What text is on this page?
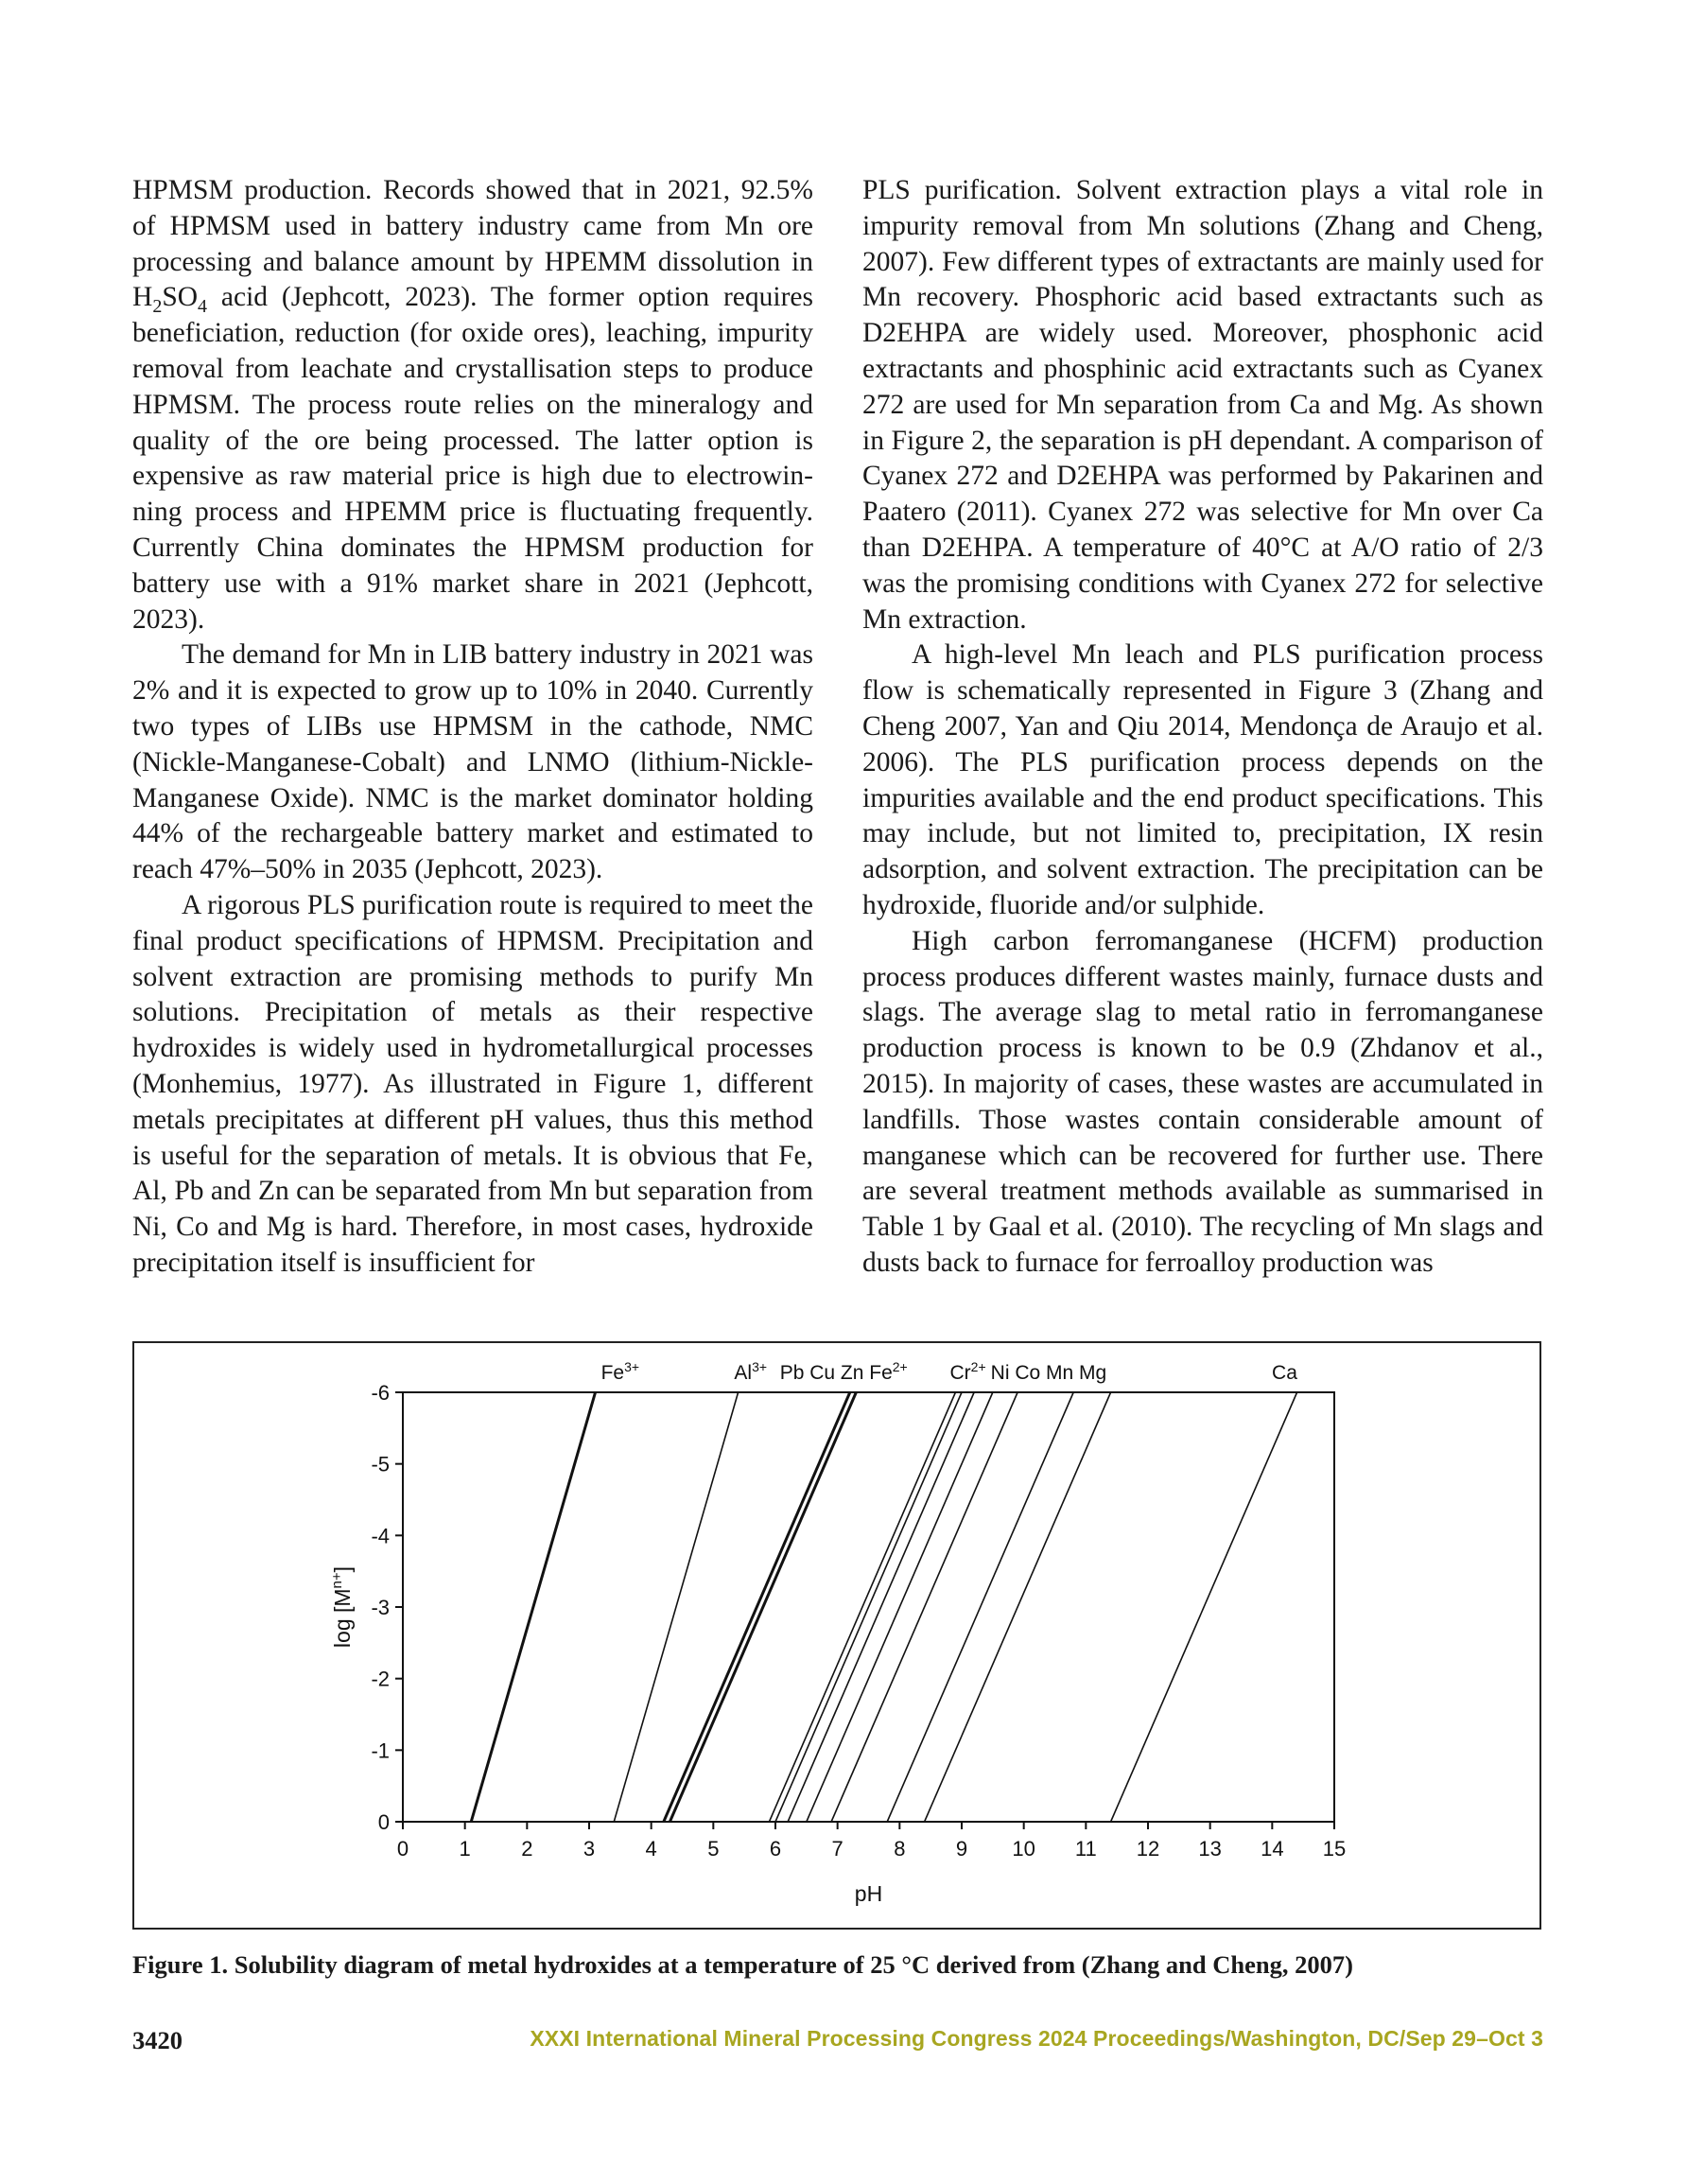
HPMSM production. Records showed that in 2021, 92.5% of HPMSM used in battery industry came from Mn ore processing and balance amount by HPEMM dissolution in $H_2SO_4$ acid (Jephcott, 2023). The former option requires beneficiation, reduction (for oxide ores), leaching, impurity removal from leachate and crystallisation steps to produce HPMSM. The process route relies on the mineralogy and quality of the ore being processed. The latter option is expensive as raw material price is high due to electrowinning process and HPEMM price is fluctuating frequently. Currently China dominates the HPMSM production for battery use with a 91% market share in 2021 (Jephcott, 2023).

The demand for Mn in LIB battery industry in 2021 was 2% and it is expected to grow up to 10% in 2040. Currently two types of LIBs use HPMSM in the cathode, NMC (Nickle-Manganese-Cobalt) and LNMO (lithium-Nickle-Manganese Oxide). NMC is the market dominator holding 44% of the rechargeable battery market and estimated to reach 47%–50% in 2035 (Jephcott, 2023).

A rigorous PLS purification route is required to meet the final product specifications of HPMSM. Precipitation and solvent extraction are promising methods to purify Mn solutions. Precipitation of metals as their respective hydroxides is widely used in hydrometallurgical processes (Monhemius, 1977). As illustrated in Figure 1, different metals precipitates at different pH values, thus this method is useful for the separation of metals. It is obvious that Fe, Al, Pb and Zn can be separated from Mn but separation from Ni, Co and Mg is hard. Therefore, in most cases, hydroxide precipitation itself is insufficient for

PLS purification. Solvent extraction plays a vital role in impurity removal from Mn solutions (Zhang and Cheng, 2007). Few different types of extractants are mainly used for Mn recovery. Phosphoric acid based extractants such as D2EHPA are widely used. Moreover, phosphonic acid extractants and phosphinic acid extractants such as Cyanex 272 are used for Mn separation from Ca and Mg. As shown in Figure 2, the separation is pH dependant. A comparison of Cyanex 272 and D2EHPA was performed by Pakarinen and Paatero (2011). Cyanex 272 was selective for Mn over Ca than D2EHPA. A temperature of 40°C at A/O ratio of 2/3 was the promising conditions with Cyanex 272 for selective Mn extraction.

A high-level Mn leach and PLS purification process flow is schematically represented in Figure 3 (Zhang and Cheng 2007, Yan and Qiu 2014, Mendonça de Araujo et al. 2006). The PLS purification process depends on the impurities available and the end product specifications. This may include, but not limited to, precipitation, IX resin adsorption, and solvent extraction. The precipitation can be hydroxide, fluoride and/or sulphide.

High carbon ferromanganese (HCFM) production process produces different wastes mainly, furnace dusts and slags. The average slag to metal ratio in ferromanganese production process is known to be 0.9 (Zhdanov et al., 2015). In majority of cases, these wastes are accumulated in landfills. Those wastes contain considerable amount of manganese which can be recovered for further use. There are several treatment methods available as summarised in Table 1 by Gaal et al. (2010). The recycling of Mn slags and dusts back to furnace for ferroalloy production was

0 1 2 3 4 5 6 7 8 9 10 11 12 13 14 15
0
-1
-2
-3
-4
-5
-6
pH
$\log [M^{n+}]$
$Fe^{3+}$	$Al^{3+}$ Pb Cu Zn $Fe^{2+}$ $Cr^{2+}$ Ni Co Mn Mg	Ca
Figure 1. Solubility diagram of metal hydroxides at a temperature of 25 °C derived from (Zhang and Cheng, 2007)
3420	XXXI International Mineral Processing Congress 2024 Proceedings/Washington, DC/Sep 29–Oct 3
